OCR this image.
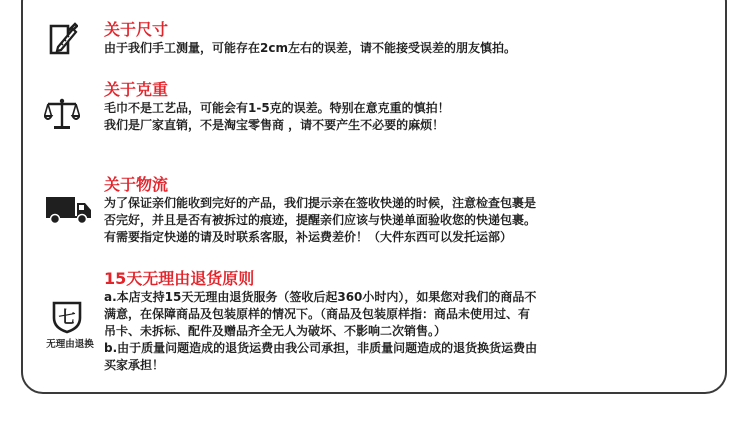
关于尺寸
由于我们手工测量，可能存在2cm左右的误差，请不能接受误差的朋友慎拍。
关于克重
毛巾不是工艺品，可能会有1-5克的误差。特别在意克重的慎拍！
我们是厂家直销，不是淘宝零售商 ，请不要产生不必要的麻烦！
关于物流
为了保证亲们能收到完好的产品，我们提示亲在签收快递的时候，注意检查包裹是
否完好，并且是否有被拆过的痕迹，提醒亲们应该与快递单面验收您的快递包裹。
有需要指定快递的请及时联系客服，补运费差价！（大件东西可以发托运部）
七
无理由退换
15天无理由退货原则
a.本店支持15天无理由退货服务（签收后起360小时内），如果您对我们的商品不
满意，在保障商品及包装原样的情况下。（商品及包装原样指：商品未使用过、有
吊卡、未拆标、配件及赠品齐全无人为破坏、不影响二次销售。）
b.由于质量问题造成的退货运费由我公司承担，非质量问题造成的退货换货运费由
买家承担！
